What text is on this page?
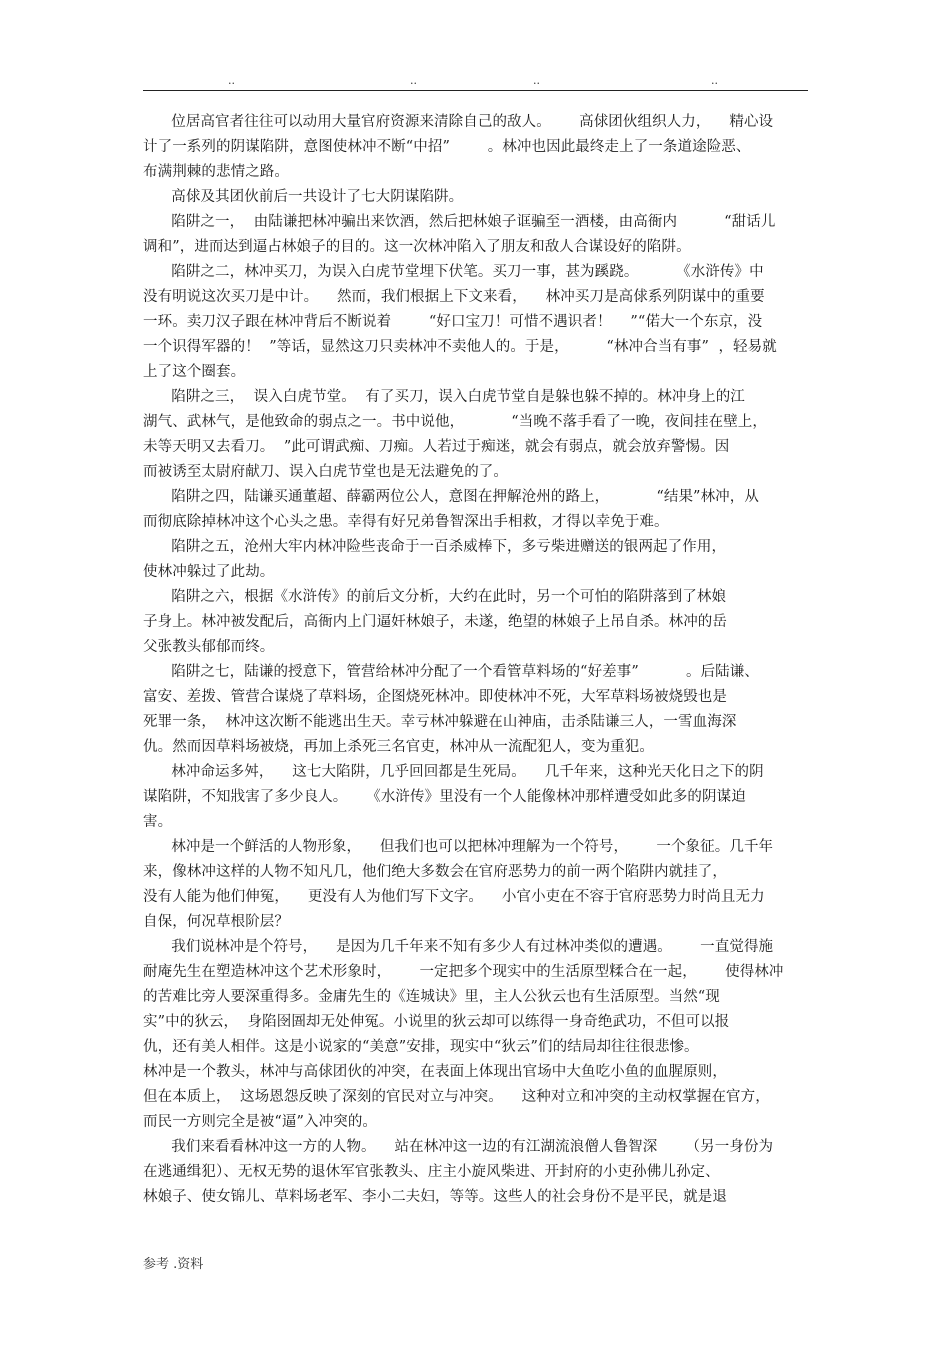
..	..	..	..
位居高官者往往可以动用大量官府资源来清除自己的敌人。      高俅团伙组织人力，    精心设
计了一系列的阴谋陷阱，意图使林冲不断“中招”        。林冲也因此最终走上了一条道途险恶、
布满荆棘的悲情之路。
高俅及其团伙前后一共设计了七大阴谋陷阱。
陷阱之一，  由陆谦把林冲骗出来饮酒，然后把林娘子诓骗至一酒楼，由高衙内          “甜话儿
调和”，进而达到逼占林娘子的目的。这一次林冲陷入了朋友和敌人合谋设好的陷阱。
陷阱之二，林冲买刀，为误入白虎节堂埋下伏笔。买刀一事，甚为蹊跷。        《水浒传》中
没有明说这次买刀是中计。    然而，我们根据上下文来看，    林冲买刀是高俅系列阴谋中的重要
一环。卖刀汉子跟在林冲背后不断说着        “好口宝刀！可惜不遇识者！    ”“偌大一个东京，没
一个识得军器的！  ”等话，显然这刀只卖林冲不卖他人的。于是，        “林冲合当有事”  ，轻易就
上了这个圈套。
陷阱之三，  误入白虎节堂。  有了买刀，误入白虎节堂自是躲也躲不掉的。林冲身上的江
湖气、武林气，是他致命的弱点之一。书中说他，          “当晚不落手看了一晚，夜间挂在壁上，
未等天明又去看刀。  ”此可谓武痴、刀痴。人若过于痴迷，就会有弱点，就会放弃警惕。因
而被诱至太尉府献刀、误入白虎节堂也是无法避免的了。
陷阱之四，陆谦买通董超、薛霸两位公人，意图在押解沧州的路上，          “结果”林冲，从
而彻底除掉林冲这个心头之患。幸得有好兄弟鲁智深出手相救，才得以幸免于难。
陷阱之五，沧州大牢内林冲险些丧命于一百杀威棒下，多亏柴进赠送的银两起了作用，
使林冲躲过了此劫。
陷阱之六，根据《水浒传》的前后文分析，大约在此时，另一个可怕的陷阱落到了林娘
子身上。林冲被发配后，高衙内上门逼奸林娘子，未遂，绝望的林娘子上吊自杀。林冲的岳
父张教头郁郁而终。
陷阱之七，陆谦的授意下，管营给林冲分配了一个看管草料场的“好差事”          。后陆谦、
富安、差拨、管营合谋烧了草料场，企图烧死林冲。即使林冲不死，大军草料场被烧毁也是
死罪一条，  林冲这次断不能逃出生天。幸亏林冲躲避在山神庙，击杀陆谦三人，一雪血海深
仇。然而因草料场被烧，再加上杀死三名官吏，林冲从一流配犯人，变为重犯。
林冲命运多舛，    这七大陷阱，几乎回回都是生死局。    几千年来，这种光天化日之下的阴
谋陷阱，不知戕害了多少良人。    《水浒传》里没有一个人能像林冲那样遭受如此多的阴谋迫
害。
林冲是一个鲜活的人物形象，    但我们也可以把林冲理解为一个符号，      一个象征。几千年
来，像林冲这样的人物不知凡几，他们绝大多数会在官府恶势力的前一两个陷阱内就挂了，
没有人能为他们伸冤，    更没有人为他们写下文字。    小官小吏在不容于官府恶势力时尚且无力
自保，何况草根阶层？
我们说林冲是个符号，    是因为几千年来不知有多少人有过林冲类似的遭遇。      一直觉得施
耐庵先生在塑造林冲这个艺术形象时，      一定把多个现实中的生活原型糅合在一起，      使得林冲
的苦难比旁人要深重得多。金庸先生的《连城诀》里，主人公狄云也有生活原型。当然“现
实”中的狄云，  身陷囹圄却无处伸冤。小说里的狄云却可以练得一身奇绝武功，不但可以报
仇，还有美人相伴。这是小说家的“美意”安排，现实中“狄云”们的结局却往往很悲惨。
林冲是一个教头，林冲与高俅团伙的冲突，在表面上体现出官场中大鱼吃小鱼的血腥原则，
但在本质上，  这场恩怨反映了深刻的官民对立与冲突。    这种对立和冲突的主动权掌握在官方，
而民一方则完全是被“逼”入冲突的。
我们来看看林冲这一方的人物。    站在林冲这一边的有江湖流浪僧人鲁智深      （另一身份为
在逃通缉犯）、无权无势的退休军官张教头、庄主小旋风柴进、开封府的小吏孙佛儿孙定、
林娘子、使女锦儿、草料场老军、李小二夫妇，等等。这些人的社会身份不是平民，就是退
参考 .资料
